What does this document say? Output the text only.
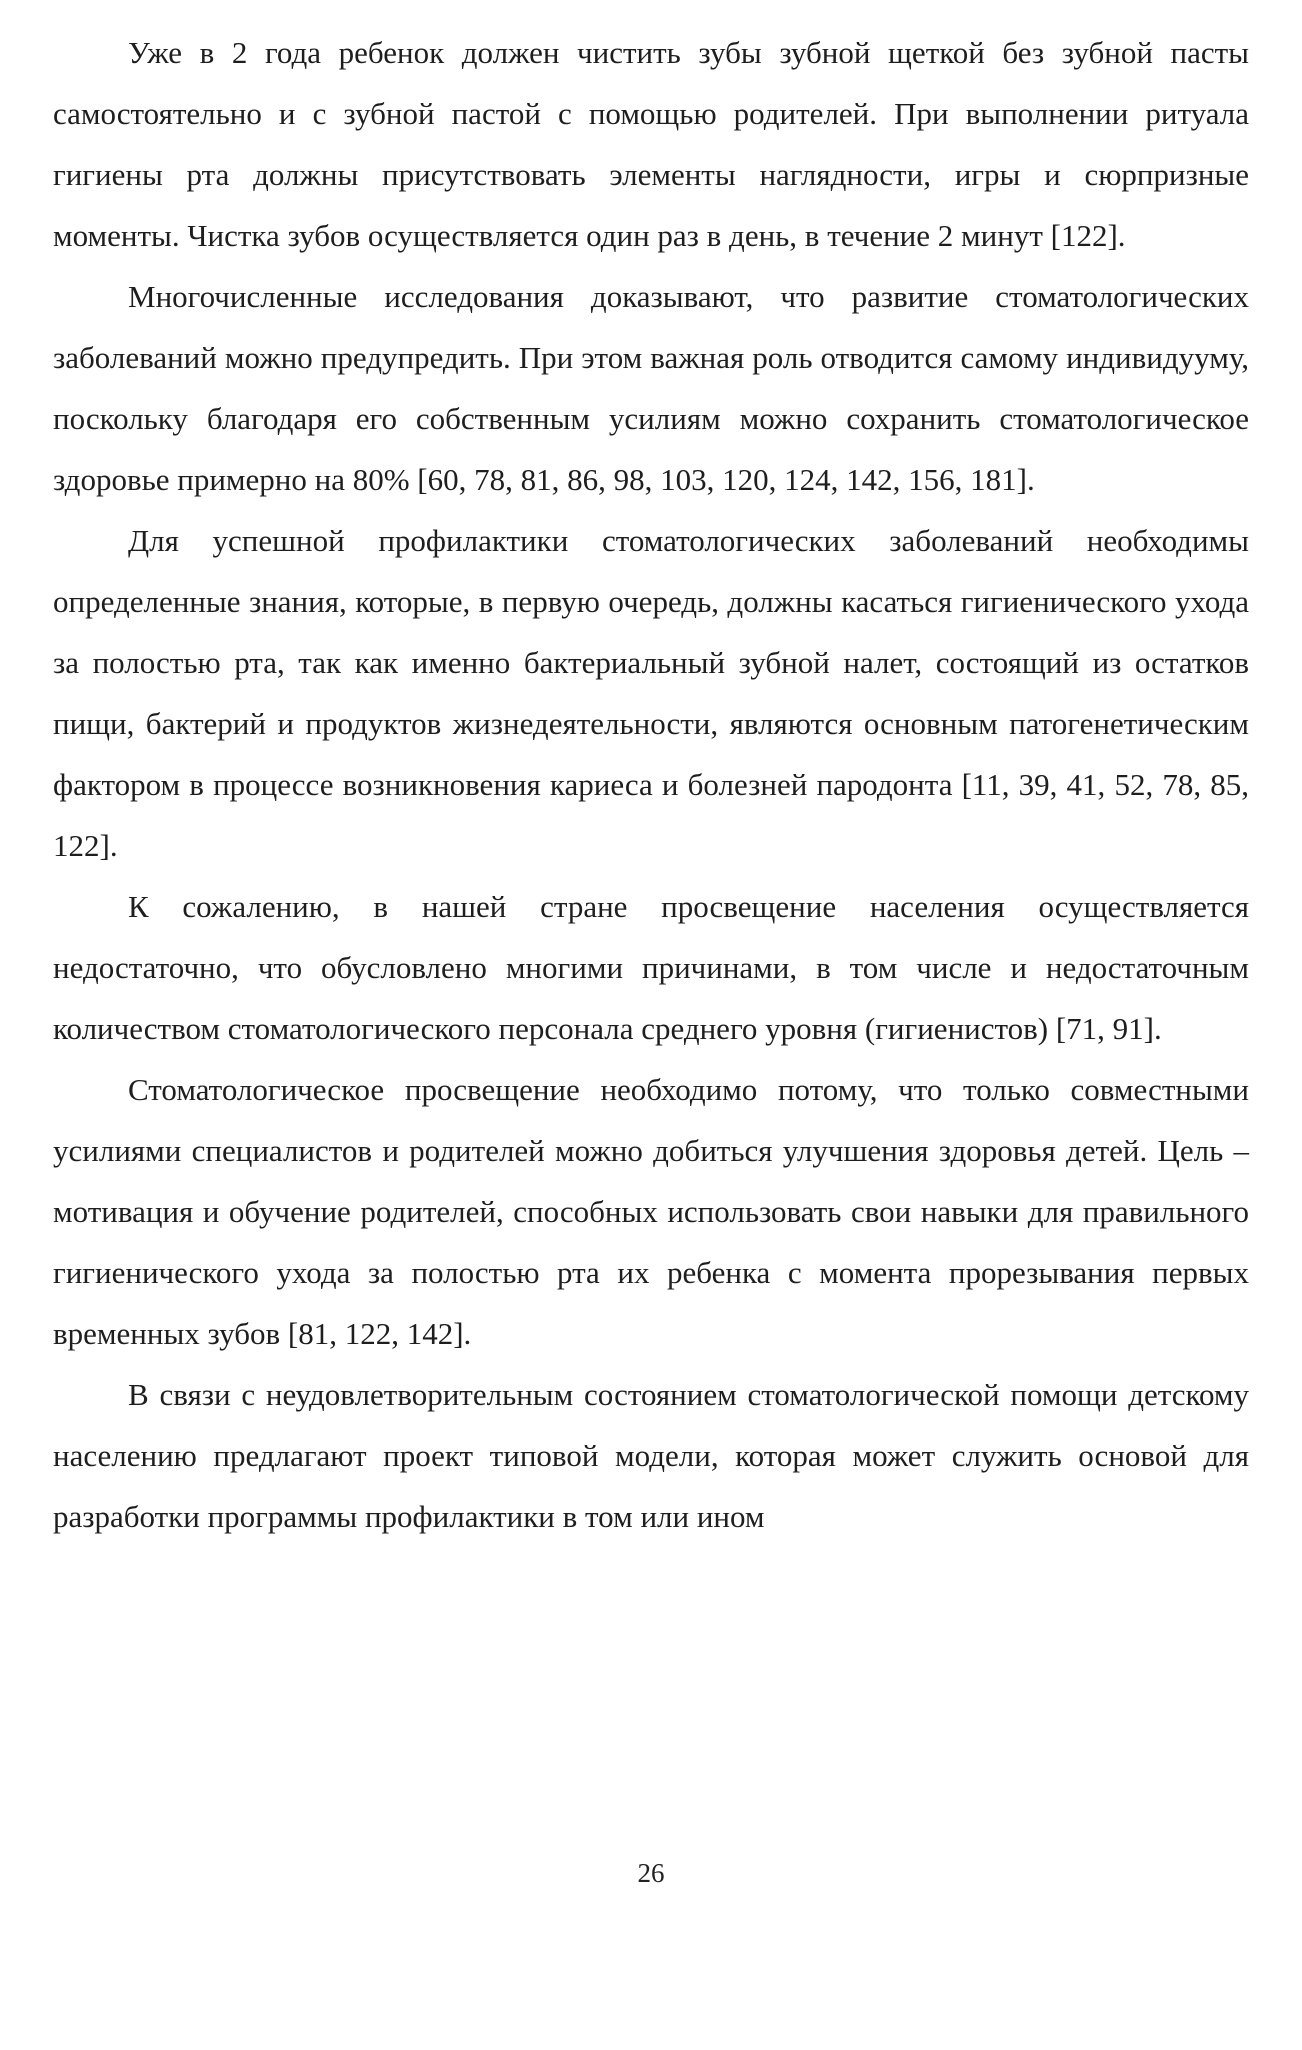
Уже в 2 года ребенок должен чистить зубы зубной щеткой без зубной пасты самостоятельно и с зубной пастой с помощью родителей. При выполнении ритуала гигиены рта должны присутствовать элементы наглядности, игры и сюрпризные моменты. Чистка зубов осуществляется один раз в день, в течение 2 минут [122].

Многочисленные исследования доказывают, что развитие стоматологических заболеваний можно предупредить. При этом важная роль отводится самому индивидууму, поскольку благодаря его собственным усилиям можно сохранить стоматологическое здоровье примерно на 80% [60, 78, 81, 86, 98, 103, 120, 124, 142, 156, 181].

Для успешной профилактики стоматологических заболеваний необходимы определенные знания, которые, в первую очередь, должны касаться гигиенического ухода за полостью рта, так как именно бактериальный зубной налет, состоящий из остатков пищи, бактерий и продуктов жизнедеятельности, являются основным патогенетическим фактором в процессе возникновения кариеса и болезней пародонта [11, 39, 41, 52, 78, 85, 122].

К сожалению, в нашей стране просвещение населения осуществляется недостаточно, что обусловлено многими причинами, в том числе и недостаточным количеством стоматологического персонала среднего уровня (гигиенистов) [71, 91].

Стоматологическое просвещение необходимо потому, что только совместными усилиями специалистов и родителей можно добиться улучшения здоровья детей. Цель – мотивация и обучение родителей, способных использовать свои навыки для правильного гигиенического ухода за полостью рта их ребенка с момента прорезывания первых временных зубов [81, 122, 142].

В связи с неудовлетворительным состоянием стоматологической помощи детскому населению предлагают проект типовой модели, которая может служить основой для разработки программы профилактики в том или ином

26
